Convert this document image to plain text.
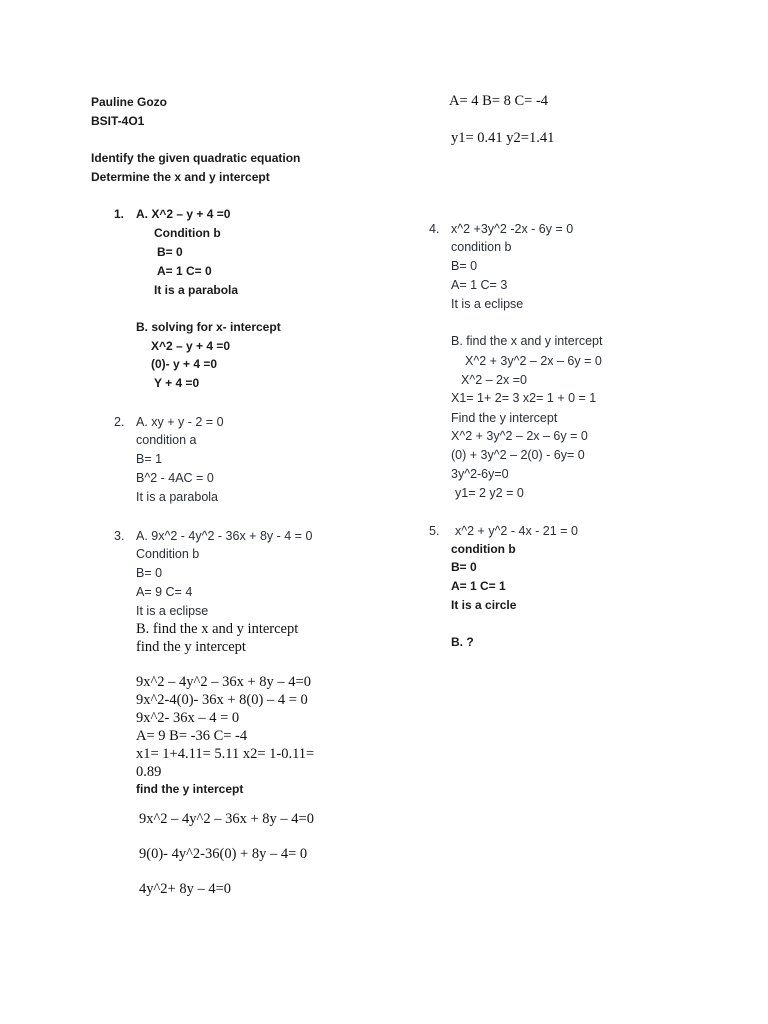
Pauline Gozo
BSIT-4O1
Identify the given quadratic equation
Determine the x and y intercept
A= 4 B= 8 C= -4
y1= 0.41 y2=1.41
1. A. X^2 – y + 4 =0
Condition b
B= 0
A= 1 C= 0
It is a parabola
B. solving for x- intercept
X^2 – y + 4 =0
(0)- y + 4 =0
Y + 4 =0
2. A. xy + y - 2 = 0
condition a
B= 1
B^2 - 4AC = 0
It is a parabola
3. A. 9x^2 - 4y^2 - 36x + 8y - 4 = 0
Condition b
B= 0
A= 9 C= 4
It is a eclipse
B. find the x and y intercept
find the y intercept
9x^2 – 4y^2 – 36x + 8y – 4=0
9x^2-4(0)- 36x + 8(0) – 4 = 0
9x^2- 36x – 4 = 0
A= 9 B= -36 C= -4
x1= 1+4.11= 5.11 x2= 1-0.11=
0.89
find the y intercept
9x^2 – 4y^2 – 36x + 8y – 4=0
9(0)- 4y^2-36(0) + 8y – 4= 0
4y^2+ 8y – 4=0
4. x^2 +3y^2 -2x - 6y = 0
condition b
B= 0
A= 1 C= 3
It is a eclipse
B. find the x and y intercept
X^2 + 3y^2 – 2x – 6y = 0
X^2 – 2x =0
X1= 1+ 2= 3 x2= 1 + 0 = 1
Find the y intercept
X^2 + 3y^2 – 2x – 6y = 0
(0) + 3y^2 – 2(0) - 6y= 0
3y^2-6y=0
y1= 2 y2 = 0
5. x^2 + y^2 - 4x - 21 = 0
condition b
B= 0
A= 1 C= 1
It is a circle
B. ?
